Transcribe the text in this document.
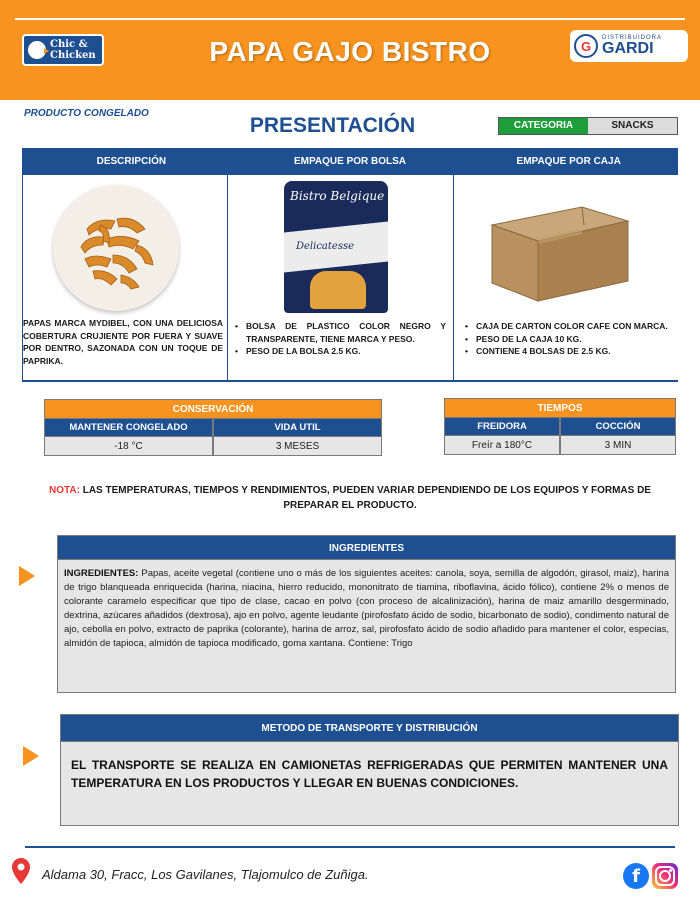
Chic &
Chicken	PAPA GAJO BISTRO	G
DISTRIBUIDORA
GARDI
PRODUCTO CONGELADO
PRESENTACIÓN	CATEGORIA	SNACKS
DESCRIPCIÓN	EMPAQUE POR BOLSA	EMPAQUE POR CAJA
PAPAS MARCA MYDIBEL, CON UNA DELICIOSA COBERTURA CRUJIENTE POR FUERA Y SUAVE POR DENTRO, SAZONADA CON UN TOQUE DE PAPRIKA.
Bistro Belgique
Delicatesse
• BOLSA DE PLASTICO COLOR NEGRO Y TRANSPARENTE, TIENE MARCA Y PESO.
• PESO DE LA BOLSA 2.5 KG.
• CAJA DE CARTON COLOR CAFE CON MARCA.
• PESO DE LA CAJA 10 KG.
• CONTIENE 4 BOLSAS DE 2.5 KG.
CONSERVACIÓN
MANTENER CONGELADO	VIDA UTIL
-18 °C	3 MESES
TIEMPOS
FREIDORA	COCCIÓN
Freír a 180°C	3 MIN
NOTA: LAS TEMPERATURAS, TIEMPOS Y RENDIMIENTOS, PUEDEN VARIAR DEPENDIENDO DE LOS EQUIPOS Y FORMAS DE PREPARAR EL PRODUCTO.
INGREDIENTES
INGREDIENTES: Papas, aceite vegetal (contiene uno o más de los siguientes aceites: canola, soya, semilla de algodón, girasol, maiz), harina de trigo blanqueada enriquecida (harina, niacina, hierro reducido, mononitrato de tiamina, riboflavina, ácido fólico), contiene 2% o menos de colorante caramelo especificar que tipo de clase, cacao en polvo (con proceso de alcalinización), harina de maiz amarillo desgerminado, dextrina, azùcares añadidos (dextrosa), ajo en polvo, agente leudante (pirofosfato ácido de sodio, bicarbonato de sodio), condimento natural de ajo, cebolla en polvo, extracto de paprika (colorante), harina de arroz, sal, pirofosfato ácido de sodio añadido para mantener el color, especias, almidón de tapioca, almidón de tapioca modificado, goma xantana. Contiene: Trigo
METODO DE TRANSPORTE Y DISTRIBUCIÓN
EL TRANSPORTE SE REALIZA EN CAMIONETAS REFRIGERADAS QUE PERMITEN MANTENER UNA TEMPERATURA EN LOS PRODUCTOS Y LLEGAR EN BUENAS CONDICIONES.
Aldama 30, Fracc, Los Gavilanes, Tlajomulco de Zuñiga.	f
